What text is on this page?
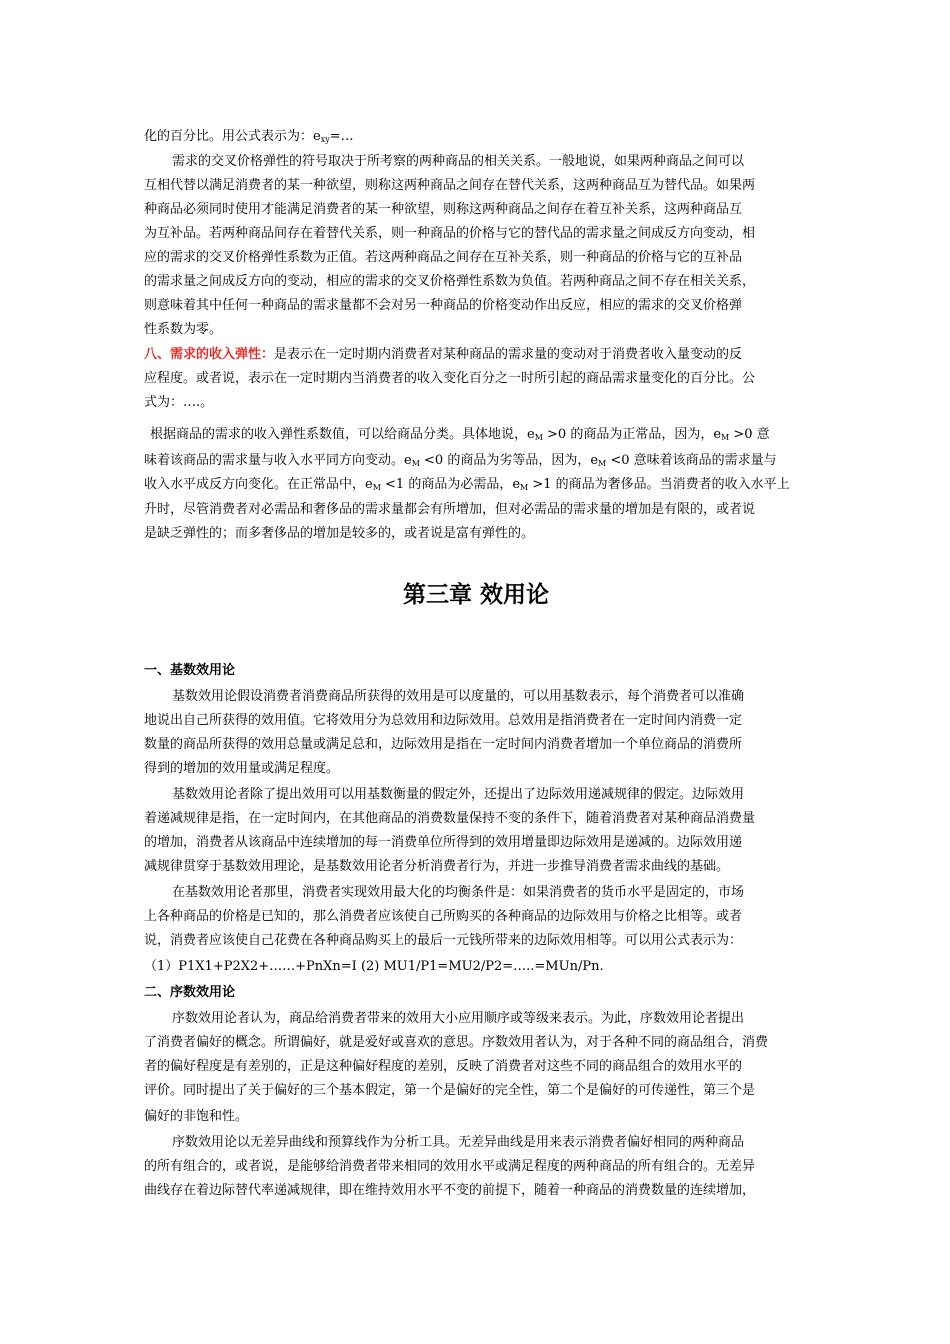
化的百分比。用公式表示为：$e_{xy}=\dots$
需求的交叉价格弹性的符号取决于所考察的两种商品的相关关系。一般地说，如果两种商品之间可以
互相代替以满足消费者的某一种欲望，则称这两种商品之间存在替代关系，这两种商品互为替代品。如果两
种商品必须同时使用才能满足消费者的某一种欲望，则称这两种商品之间存在着互补关系，这两种商品互
为互补品。若两种商品间存在着替代关系，则一种商品的价格与它的替代品的需求量之间成反方向变动，相
应的需求的交叉价格弹性系数为正值。若这两种商品之间存在互补关系，则一种商品的价格与它的互补品
的需求量之间成反方向的变动，相应的需求的交叉价格弹性系数为负值。若两种商品之间不存在相关关系，
则意味着其中任何一种商品的需求量都不会对另一种商品的价格变动作出反应，相应的需求的交叉价格弹
性系数为零。
八、需求的收入弹性：是表示在一定时期内消费者对某种商品的需求量的变动对于消费者收入量变动的反
应程度。或者说，表示在一定时期内当消费者的收入变化百分之一时所引起的商品需求量变化的百分比。公
式为：….。
根据商品的需求的收入弹性系数值，可以给商品分类。具体地说，$e_M >0$ 的商品为正常品，因为，$e_M >0$ 意
味着该商品的需求量与收入水平同方向变动。$e_M <0$ 的商品为劣等品，因为，$e_M <0$ 意味着该商品的需求量与
收入水平成反方向变化。在正常品中，$e_M <1$ 的商品为必需品，$e_M >1$ 的商品为奢侈品。当消费者的收入水平上
升时，尽管消费者对必需品和奢侈品的需求量都会有所增加，但对必需品的需求量的增加是有限的，或者说
是缺乏弹性的；而多奢侈品的增加是较多的，或者说是富有弹性的。
第三章 效用论
一、基数效用论
基数效用论假设消费者消费商品所获得的效用是可以度量的，可以用基数表示，每个消费者可以准确
地说出自己所获得的效用值。它将效用分为总效用和边际效用。总效用是指消费者在一定时间内消费一定
数量的商品所获得的效用总量或满足总和，边际效用是指在一定时间内消费者增加一个单位商品的消费所
得到的增加的效用量或满足程度。
基数效用论者除了提出效用可以用基数衡量的假定外，还提出了边际效用递减规律的假定。边际效用
着递减规律是指，在一定时间内，在其他商品的消费数量保持不变的条件下，随着消费者对某种商品消费量
的增加，消费者从该商品中连续增加的每一消费单位所得到的效用增量即边际效用是递减的。边际效用递
减规律贯穿于基数效用理论，是基数效用论者分析消费者行为，并进一步推导消费者需求曲线的基础。
在基数效用论者那里，消费者实现效用最大化的均衡条件是：如果消费者的货币水平是固定的，市场
上各种商品的价格是已知的，那么消费者应该使自己所购买的各种商品的边际效用与价格之比相等。或者
说，消费者应该使自己花费在各种商品购买上的最后一元钱所带来的边际效用相等。可以用公式表示为：
（1）P1X1+P2X2+……+PnXn=I (2) MU1/P1=MU2/P2=…..=MUn/Pn.
二、序数效用论
序数效用论者认为，商品给消费者带来的效用大小应用顺序或等级来表示。为此，序数效用论者提出
了消费者偏好的概念。所谓偏好，就是爱好或喜欢的意思。序数效用者认为，对于各种不同的商品组合，消费
者的偏好程度是有差别的，正是这种偏好程度的差别，反映了消费者对这些不同的商品组合的效用水平的
评价。同时提出了关于偏好的三个基本假定，第一个是偏好的完全性，第二个是偏好的可传递性，第三个是
偏好的非饱和性。
序数效用论以无差异曲线和预算线作为分析工具。无差异曲线是用来表示消费者偏好相同的两种商品
的所有组合的，或者说，是能够给消费者带来相同的效用水平或满足程度的两种商品的所有组合的。无差异
曲线存在着边际替代率递减规律，即在维持效用水平不变的前提下，随着一种商品的消费数量的连续增加，
